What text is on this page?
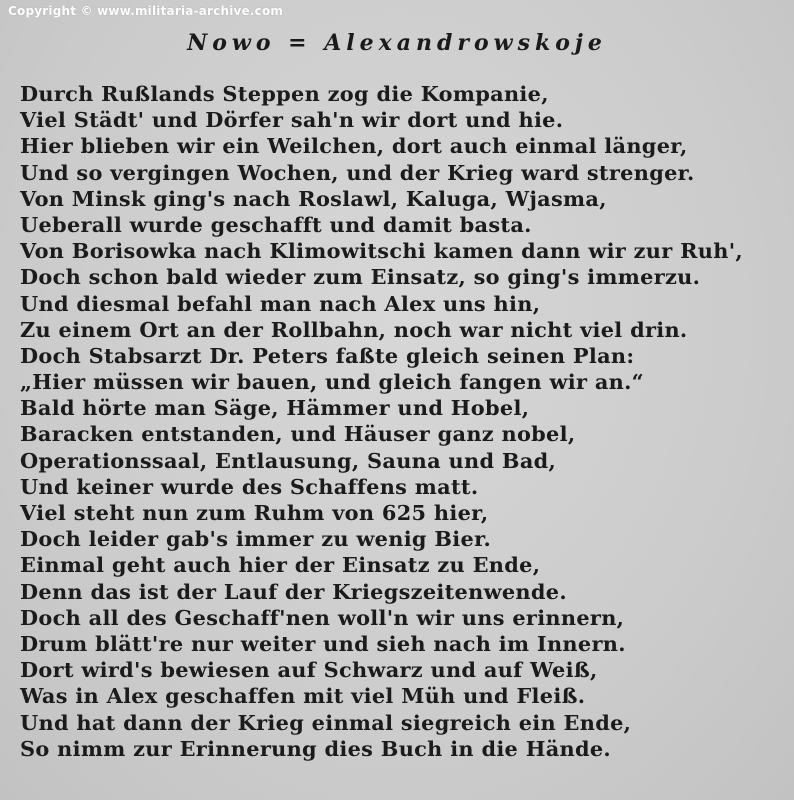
Copyright © www.militaria-archive.com
Nowo = Alexandrowskoje
Durch Rußlands Steppen zog die Kompanie,
Viel Städt' und Dörfer sah'n wir dort und hie.
Hier blieben wir ein Weilchen, dort auch einmal länger,
Und so vergingen Wochen, und der Krieg ward strenger.
Von Minsk ging's nach Roslawl, Kaluga, Wjasma,
Ueberall wurde geschafft und damit basta.
Von Borisowka nach Klimowitschi kamen dann wir zur Ruh',
Doch schon bald wieder zum Einsatz, so ging's immerzu.
Und diesmal befahl man nach Alex uns hin,
Zu einem Ort an der Rollbahn, noch war nicht viel drin.
Doch Stabsarzt Dr. Peters faßte gleich seinen Plan:
„Hier müssen wir bauen, und gleich fangen wir an.“
Bald hörte man Säge, Hämmer und Hobel,
Baracken entstanden, und Häuser ganz nobel,
Operationssaal, Entlausung, Sauna und Bad,
Und keiner wurde des Schaffens matt.
Viel steht nun zum Ruhm von 625 hier,
Doch leider gab's immer zu wenig Bier.
Einmal geht auch hier der Einsatz zu Ende,
Denn das ist der Lauf der Kriegszeitenwende.
Doch all des Geschaff'nen woll'n wir uns erinnern,
Drum blätt're nur weiter und sieh nach im Innern.
Dort wird's bewiesen auf Schwarz und auf Weiß,
Was in Alex geschaffen mit viel Müh und Fleiß.
Und hat dann der Krieg einmal siegreich ein Ende,
So nimm zur Erinnerung dies Buch in die Hände.
